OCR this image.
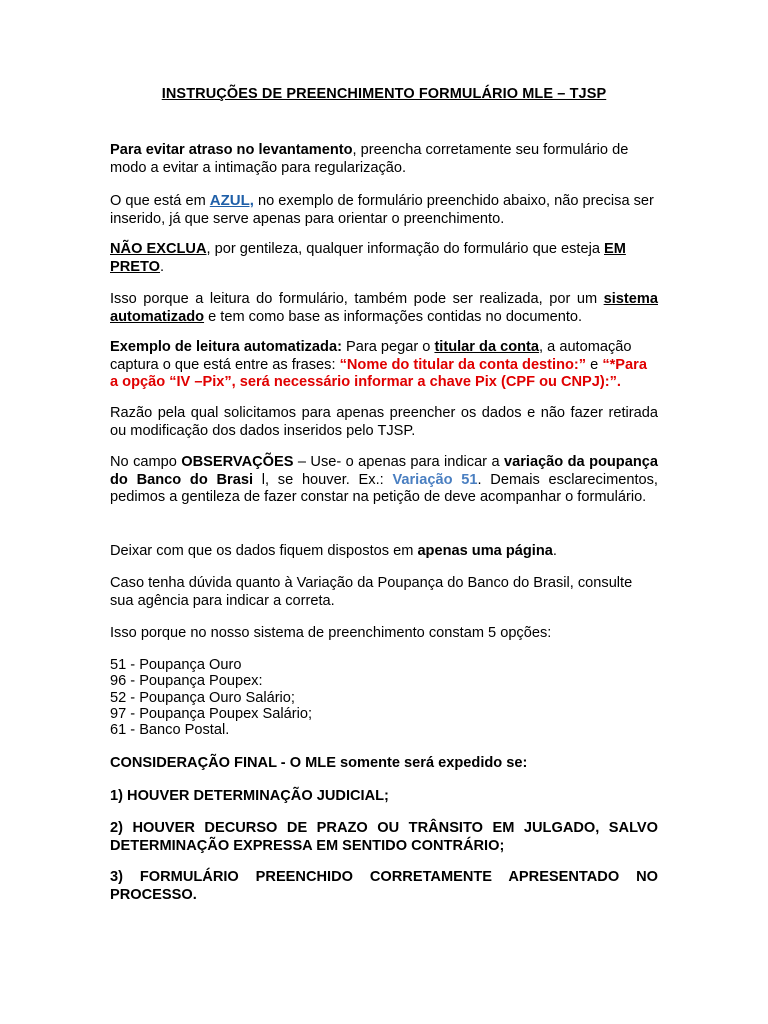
INSTRUÇÕES DE PREENCHIMENTO FORMULÁRIO MLE – TJSP
Para evitar atraso no levantamento, preencha corretamente seu formulário de modo a evitar a intimação para regularização.
O que está em AZUL, no exemplo de formulário preenchido abaixo, não precisa ser inserido, já que serve apenas para orientar o preenchimento.
NÃO EXCLUA, por gentileza, qualquer informação do formulário que esteja EM PRETO.
Isso porque a leitura do formulário, também pode ser realizada, por um sistema automatizado e tem como base as informações contidas no documento.
Exemplo de leitura automatizada: Para pegar o titular da conta, a automação captura o que está entre as frases: “Nome do titular da conta destino:” e “*Para a opção “IV –Pix”, será necessário informar a chave Pix (CPF ou CNPJ):”.
Razão pela qual solicitamos para apenas preencher os dados e não fazer retirada ou modificação dos dados inseridos pelo TJSP.
No campo OBSERVAÇÕES – Use- o apenas para indicar a variação da poupança do Banco do Brasi l, se houver. Ex.: Variação 51. Demais esclarecimentos, pedimos a gentileza de fazer constar na petição de deve acompanhar o formulário.
Deixar com que os dados fiquem dispostos em apenas uma página.
Caso tenha dúvida quanto à Variação da Poupança do Banco do Brasil, consulte sua agência para indicar a correta.
Isso porque no nosso sistema de preenchimento constam 5 opções:
51 - Poupança Ouro
96 - Poupança Poupex:
52 - Poupança Ouro Salário;
97 - Poupança Poupex Salário;
61 - Banco Postal.
CONSIDERAÇÃO FINAL - O MLE somente será expedido se:
1) HOUVER DETERMINAÇÃO JUDICIAL;
2) HOUVER DECURSO DE PRAZO OU TRÂNSITO EM JULGADO, SALVO DETERMINAÇÃO EXPRESSA EM SENTIDO CONTRÁRIO;
3) FORMULÁRIO PREENCHIDO CORRETAMENTE APRESENTADO NO PROCESSO.
